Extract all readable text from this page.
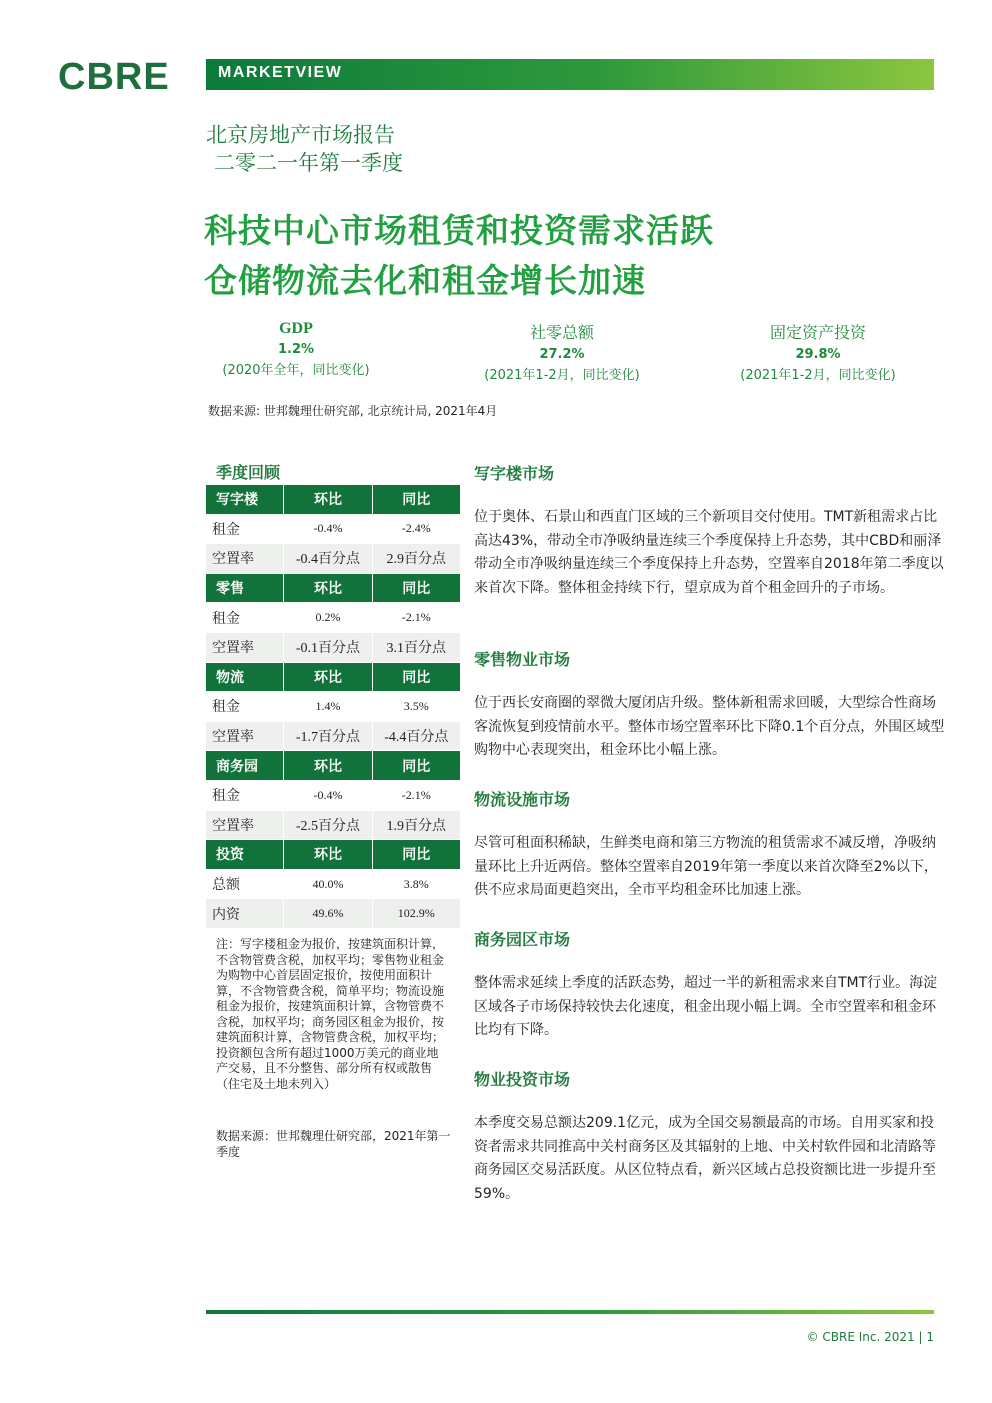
CBRE	MARKETVIEW
北京房地产市场报告
二零二一年第一季度
科技中心市场租赁和投资需求活跃
仓储物流去化和租金增长加速
GDP
1.2%
(2020年全年，同比变化)
社零总额
27.2%
(2021年1-2月，同比变化)
固定资产投资
29.8%
(2021年1-2月，同比变化)
数据来源: 世邦魏理仕研究部, 北京统计局, 2021年4月
季度回顾
写字楼	环比	同比
租金	-0.4%	-2.4%
空置率	-0.4百分点	2.9百分点
零售	环比	同比
租金	0.2%	-2.1%
空置率	-0.1百分点	3.1百分点
物流	环比	同比
租金	1.4%	3.5%
空置率	-1.7百分点	-4.4百分点
商务园	环比	同比
租金	-0.4%	-2.1%
空置率	-2.5百分点	1.9百分点
投资	环比	同比
总额	40.0%	3.8%
内资	49.6%	102.9%
注：写字楼租金为报价，按建筑面积计算，不含物管费含税，加权平均；零售物业租金为购物中心首层固定报价，按使用面积计算，不含物管费含税，简单平均；物流设施租金为报价，按建筑面积计算，含物管费不含税，加权平均；商务园区租金为报价，按建筑面积计算，含物管费含税，加权平均；投资额包含所有超过1000万美元的商业地产交易，且不分整售、部分所有权或散售（住宅及土地未列入）
数据来源：世邦魏理仕研究部，2021年第一季度
写字楼市场
位于奥体、石景山和西直门区域的三个新项目交付使用。TMT新租需求占比高达43%，带动全市净吸纳量连续三个季度保持上升态势，其中CBD和丽泽带动全市净吸纳量连续三个季度保持上升态势，空置率自2018年第二季度以来首次下降。整体租金持续下行，望京成为首个租金回升的子市场。
零售物业市场
位于西长安商圈的翠微大厦闭店升级。整体新租需求回暖，大型综合性商场客流恢复到疫情前水平。整体市场空置率环比下降0.1个百分点，外围区域型购物中心表现突出，租金环比小幅上涨。
物流设施市场
尽管可租面积稀缺，生鲜类电商和第三方物流的租赁需求不减反增，净吸纳量环比上升近两倍。整体空置率自2019年第一季度以来首次降至2%以下，供不应求局面更趋突出，全市平均租金环比加速上涨。
商务园区市场
整体需求延续上季度的活跃态势，超过一半的新租需求来自TMT行业。海淀区域各子市场保持较快去化速度，租金出现小幅上调。全市空置率和租金环比均有下降。
物业投资市场
本季度交易总额达209.1亿元，成为全国交易额最高的市场。自用买家和投资者需求共同推高中关村商务区及其辐射的上地、中关村软件园和北清路等商务园区交易活跃度。从区位特点看，新兴区域占总投资额比进一步提升至59%。
© CBRE Inc. 2021 | 1
